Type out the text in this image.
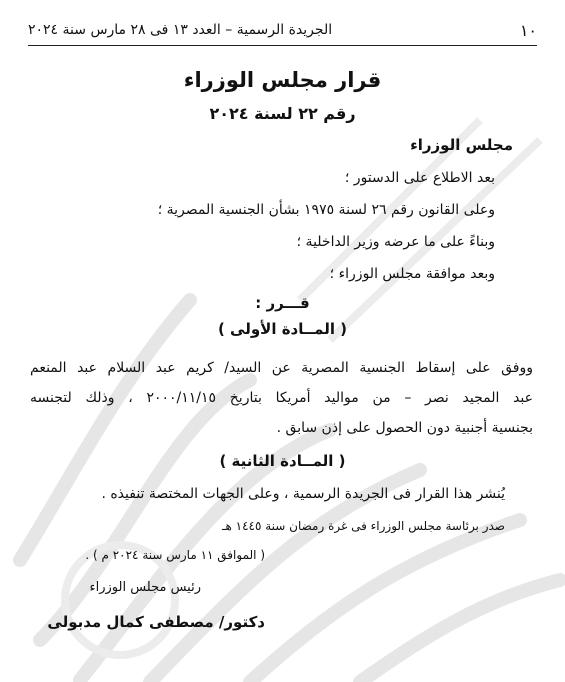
١٠
الجريدة الرسمية – العدد ١٣ فى ٢٨ مارس سنة ٢٠٢٤
قرار مجلس الوزراء
رقم ٢٢ لسنة ٢٠٢٤
مجلس الوزراء
بعد الاطلاع على الدستور ؛
وعلى القانون رقم ٢٦ لسنة ١٩٧٥ بشأن الجنسية المصرية ؛
وبناءً على ما عرضه وزير الداخلية ؛
وبعد موافقة مجلس الوزراء ؛
قـــرر :
( المــادة الأولى )
ووفق على إسقاط الجنسية المصرية عن السيد/ كريم عبد السلام عبد المنعم
عبد المجيد نصر – من مواليد أمريكا بتاريخ ٢٠٠٠/١١/١٥ ، وذلك لتجنسه
بجنسية أجنبية دون الحصول على إذن سابق .
( المــادة الثانية )
يُنشر هذا القرار فى الجريدة الرسمية ، وعلى الجهات المختصة تنفيذه .
صدر برئاسة مجلس الوزراء فى غرة رمضان سنة ١٤٤٥ هـ
( الموافق ١١ مارس سنة ٢٠٢٤ م ) .
رئيس مجلس الوزراء
دكتور/ مصطفى كمال مدبولى
